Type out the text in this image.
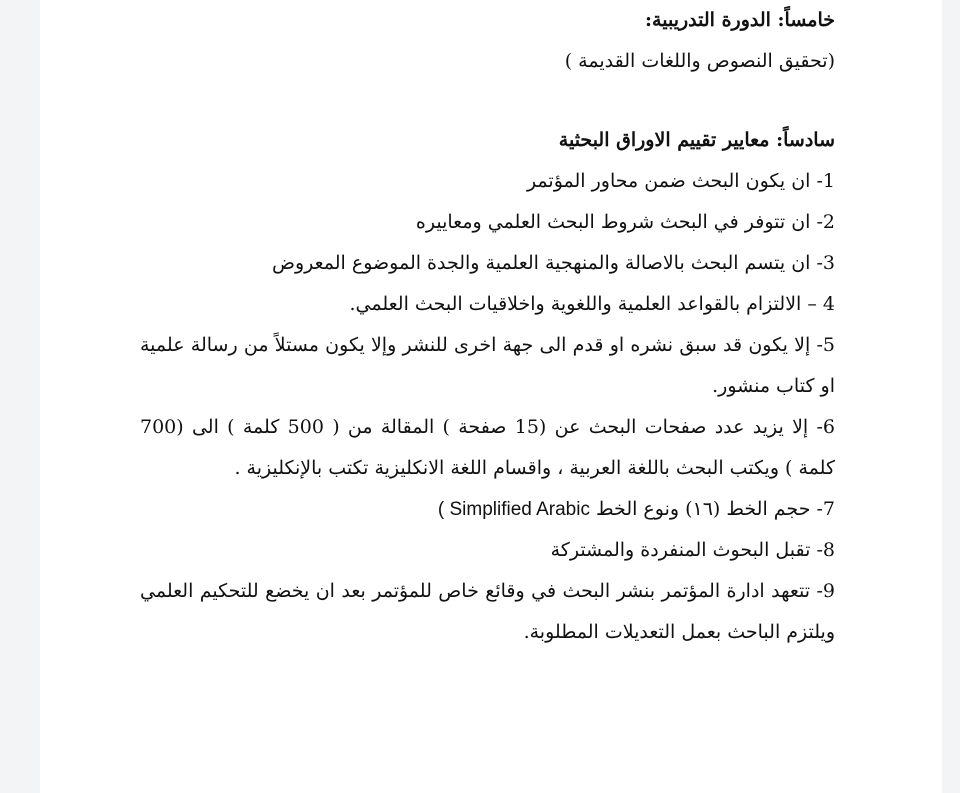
خامساً: الدورة التدريبية:
(تحقيق النصوص واللغات القديمة )
سادساً: معايير تقييم الاوراق البحثية
1- ان يكون البحث ضمن محاور المؤتمر
2- ان تتوفر في البحث شروط البحث العلمي ومعاييره
3- ان يتسم البحث بالاصالة والمنهجية العلمية والجدة الموضوع المعروض
4 – الالتزام بالقواعد العلمية واللغوية واخلاقيات البحث العلمي.
5- إلا يكون قد سبق نشره او قدم الى جهة اخرى للنشر وإلا يكون مستلاً من رسالة علمية او كتاب منشور.
6- إلا يزيد عدد صفحات البحث عن (15 صفحة ) المقالة من ( 500 كلمة ) الى (700 كلمة ) ويكتب البحث باللغة العربية ، واقسام اللغة الانكليزية تكتب بالإنكليزية .
7- حجم الخط (١٦) ونوع الخط ( Simplified Arabic
8- تقبل البحوث المنفردة والمشتركة
9- تتعهد ادارة المؤتمر بنشر البحث في وقائع خاص للمؤتمر بعد ان يخضع للتحكيم العلمي ويلتزم الباحث بعمل التعديلات المطلوبة.
